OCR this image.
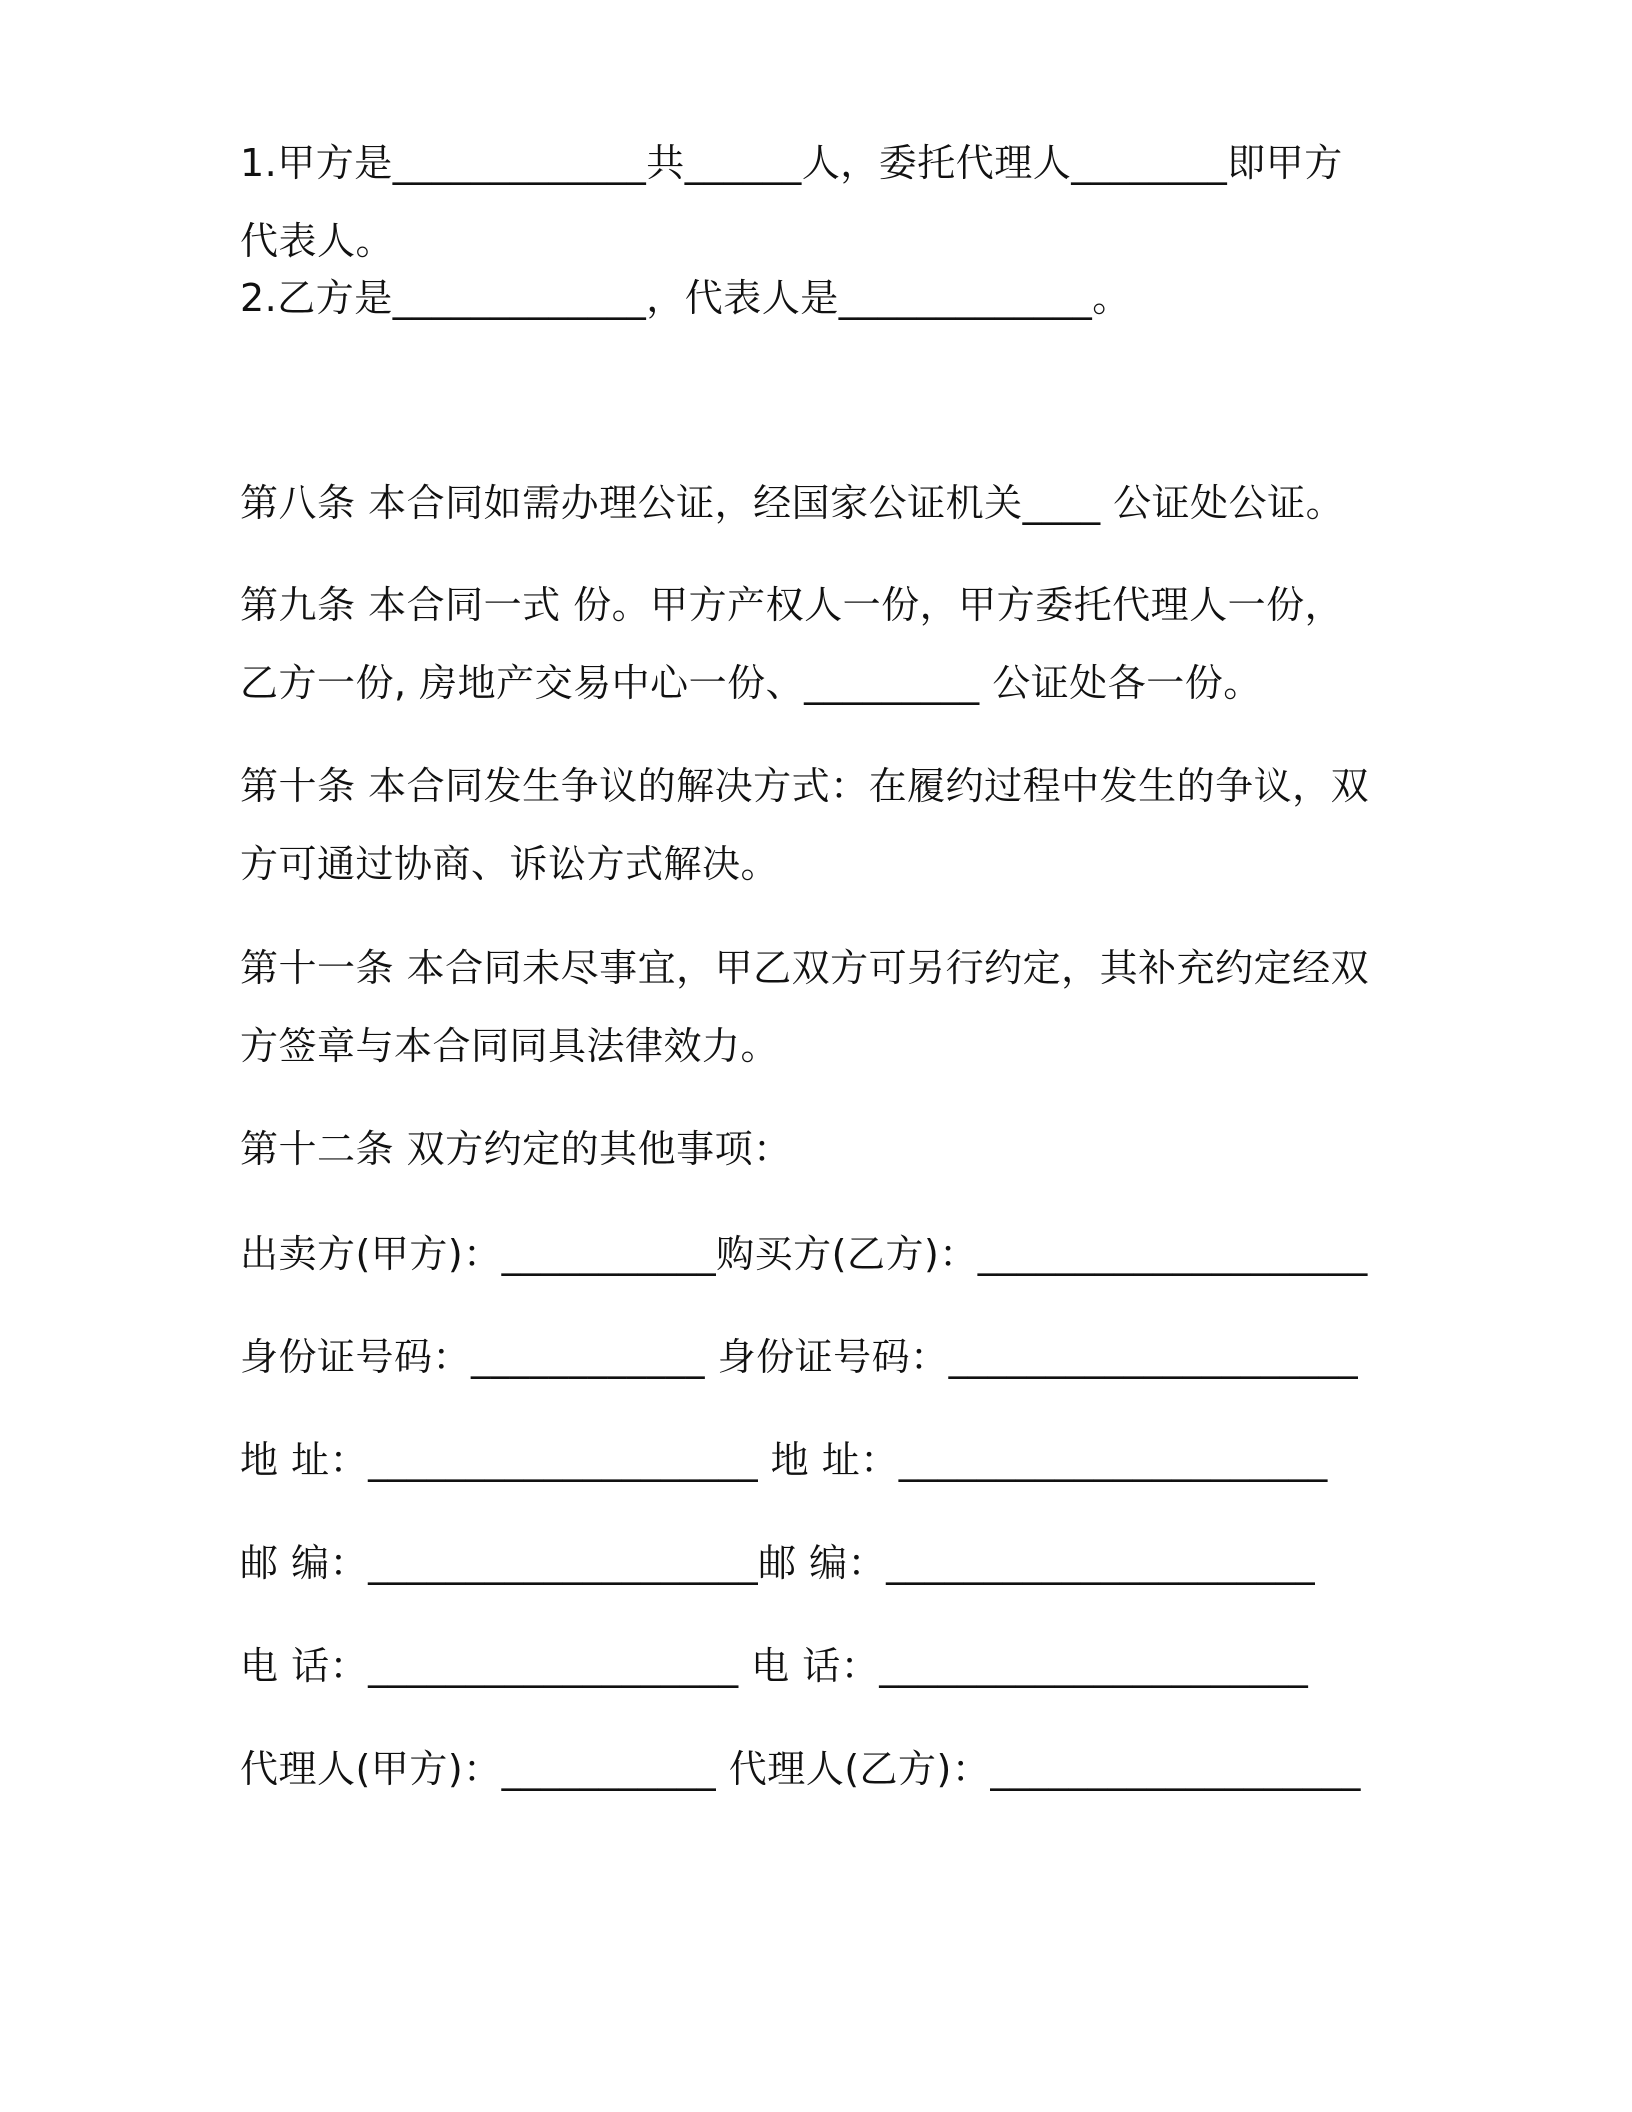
1.甲方是_____________共______人，委托代理人________即甲方代表人。

2.乙方是_____________，代表人是_____________。

第八条 本合同如需办理公证，经国家公证机关____ 公证处公证。

第九条 本合同一式 份。甲方产权人一份，甲方委托代理人一份，乙方一份, 房地产交易中心一份、_________ 公证处各一份。

第十条 本合同发生争议的解决方式：在履约过程中发生的争议，双方可通过协商、诉讼方式解决。

第十一条 本合同未尽事宜，甲乙双方可另行约定，其补充约定经双方签章与本合同同具法律效力。

第十二条 双方约定的其他事项：

出卖方(甲方)：___________购买方(乙方)：____________________

身份证号码：____________ 身份证号码：_____________________

地 址：____________________ 地 址：______________________

邮 编：____________________邮 编：______________________

电 话：___________________ 电 话：______________________

代理人(甲方)：___________ 代理人(乙方)：___________________
